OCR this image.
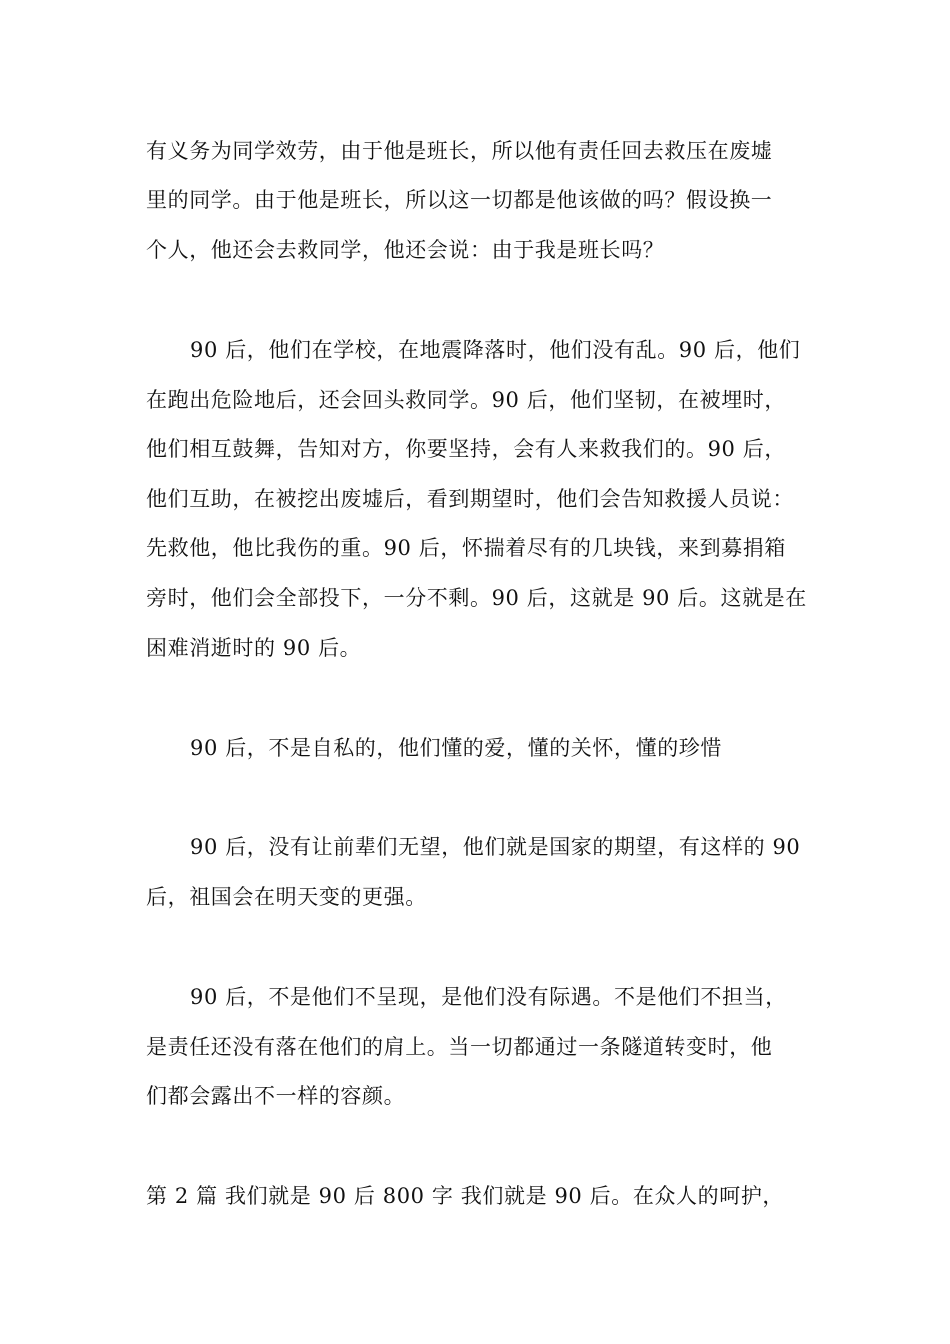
有义务为同学效劳，由于他是班长，所以他有责任回去救压在废墟
里的同学。由于他是班长，所以这一切都是他该做的吗？假设换一
个人，他还会去救同学，他还会说：由于我是班长吗？
90 后，他们在学校，在地震降落时，他们没有乱。90 后，他们
在跑出危险地后，还会回头救同学。90 后，他们坚韧，在被埋时，
他们相互鼓舞，告知对方，你要坚持，会有人来救我们的。90 后，
他们互助，在被挖出废墟后，看到期望时，他们会告知救援人员说：
先救他，他比我伤的重。90 后，怀揣着尽有的几块钱，来到募捐箱
旁时，他们会全部投下，一分不剩。90 后，这就是 90 后。这就是在
困难消逝时的 90 后。
90 后，不是自私的，他们懂的爱，懂的关怀，懂的珍惜
90 后，没有让前辈们无望，他们就是国家的期望，有这样的 90
后，祖国会在明天变的更强。
90 后，不是他们不呈现，是他们没有际遇。不是他们不担当，
是责任还没有落在他们的肩上。当一切都通过一条隧道转变时，他
们都会露出不一样的容颜。
第 2 篇 我们就是 90 后 800 字 我们就是 90 后。在众人的呵护，
